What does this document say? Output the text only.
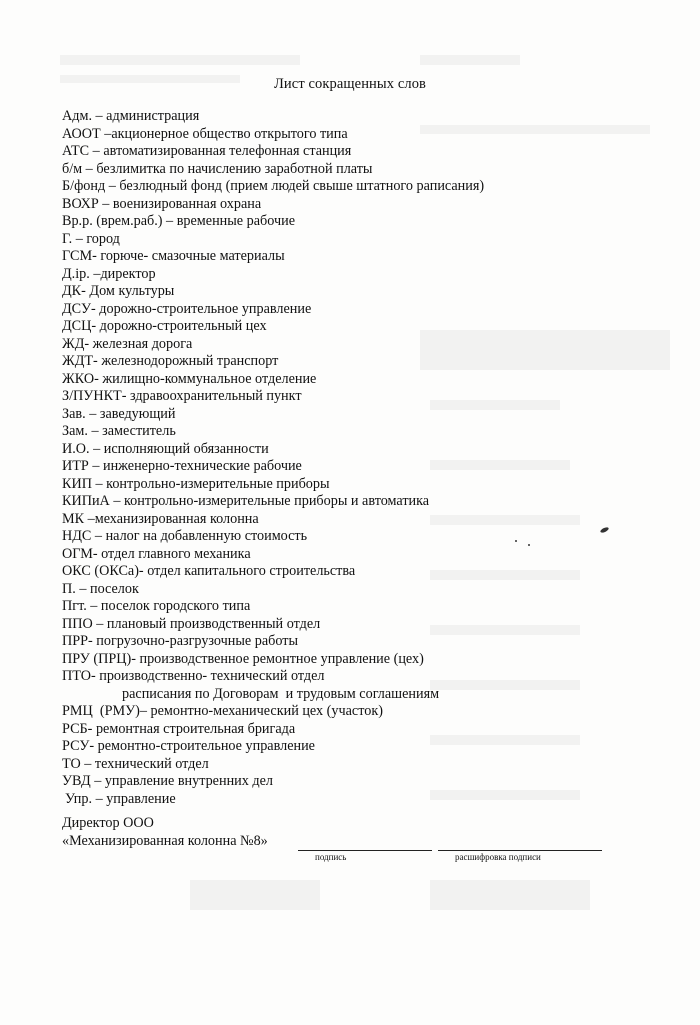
Лист сокращенных слов
Адм. – администрация
АООТ –акционерное общество открытого типа
АТС – автоматизированная телефонная станция
б/м – безлимитка по начислению заработной платы
Б/фонд – безлюдный фонд (прием людей свыше штатного раписания)
ВОХР – военизированная охрана
Вр.р. (врем.раб.) – временные рабочие
Г. – город
ГСМ- горюче- смазочные материалы
Д.ір. –директор
ДК- Дом культуры
ДСУ- дорожно-строительное управление
ДСЦ- дорожно-строительный цех
ЖД- железная дорога
ЖДТ- железнодорожный транспорт
ЖКО- жилищно-коммунальное отделение
З/ПУНКТ- здравоохранительный пункт
Зав. – заведующий
Зам. – заместитель
И.О. – исполняющий обязанности
ИТР – инженерно-технические рабочие
КИП – контрольно-измерительные приборы
КИПиА – контрольно-измерительные приборы и автоматика
МК –механизированная колонна
НДС – налог на добавленную стоимость
ОГМ- отдел главного механика
ОКС (ОКСа)- отдел капитального строительства
П. – поселок
Пгт. – поселок городского типа
ППО – плановый производственный отдел
ПРР- погрузочно-разгрузочные работы
ПРУ (ПРЦ)- производственное ремонтное управление (цех)
ПТО- производственно- технический отдел
расписания по Договорам  и трудовым соглашениям
РМЦ  (РМУ)– ремонтно-механический цех (участок)
РСБ- ремонтная строительная бригада
РСУ- ремонтно-строительное управление
ТО – технический отдел
УВД – управление внутренних дел
Упр. – управление
Директор ООО
«Механизированная колонна №8»
подпись	расшифровка подписи
